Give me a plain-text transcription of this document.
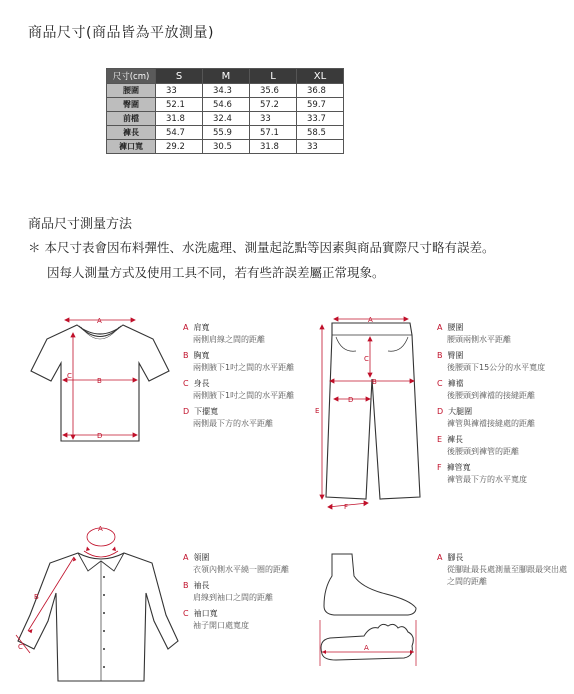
商品尺寸(商品皆為平放測量)
尺寸(cm)	S	M	L	XL
腰圍	33	34.3	35.6	36.8
臀圍	52.1	54.6	57.2	59.7
前檔	31.8	32.4	33	33.7
褲長	54.7	55.9	57.1	58.5
褲口寬	29.2	30.5	31.8	33
商品尺寸測量方法
＊ 本尺寸表會因布料彈性、水洗處理、測量起訖點等因素與商品實際尺寸略有誤差。
因每人測量方式及使用工具不同，若有些許誤差屬正常現象。
A
B
C
D
A 肩寬
兩側肩線之間的距離
B 胸寬
兩側腋下1吋之間的水平距離
C 身長
兩側腋下1吋之間的水平距離
D 下擺寬
兩側最下方的水平距離
A
B
C
D
E
F
A 腰圍
腰頭兩側水平距離
B 臀圍
後腰頭下15公分的水平寬度
C 褲襠
後腰頭到褲襠的接縫距離
D 大腿圍
褲管與褲襠接縫處的距離
E 褲長
後腰頭到褲管的距離
F 褲管寬
褲管最下方的水平寬度
A
B
C
A 領圍
衣領內側水平繞一圈的距離
B 袖長
肩線到袖口之間的距離
C 袖口寬
袖子開口處寬度
A
A 腳長
從腳趾最長處測量至腳跟最突出處之間的距離
